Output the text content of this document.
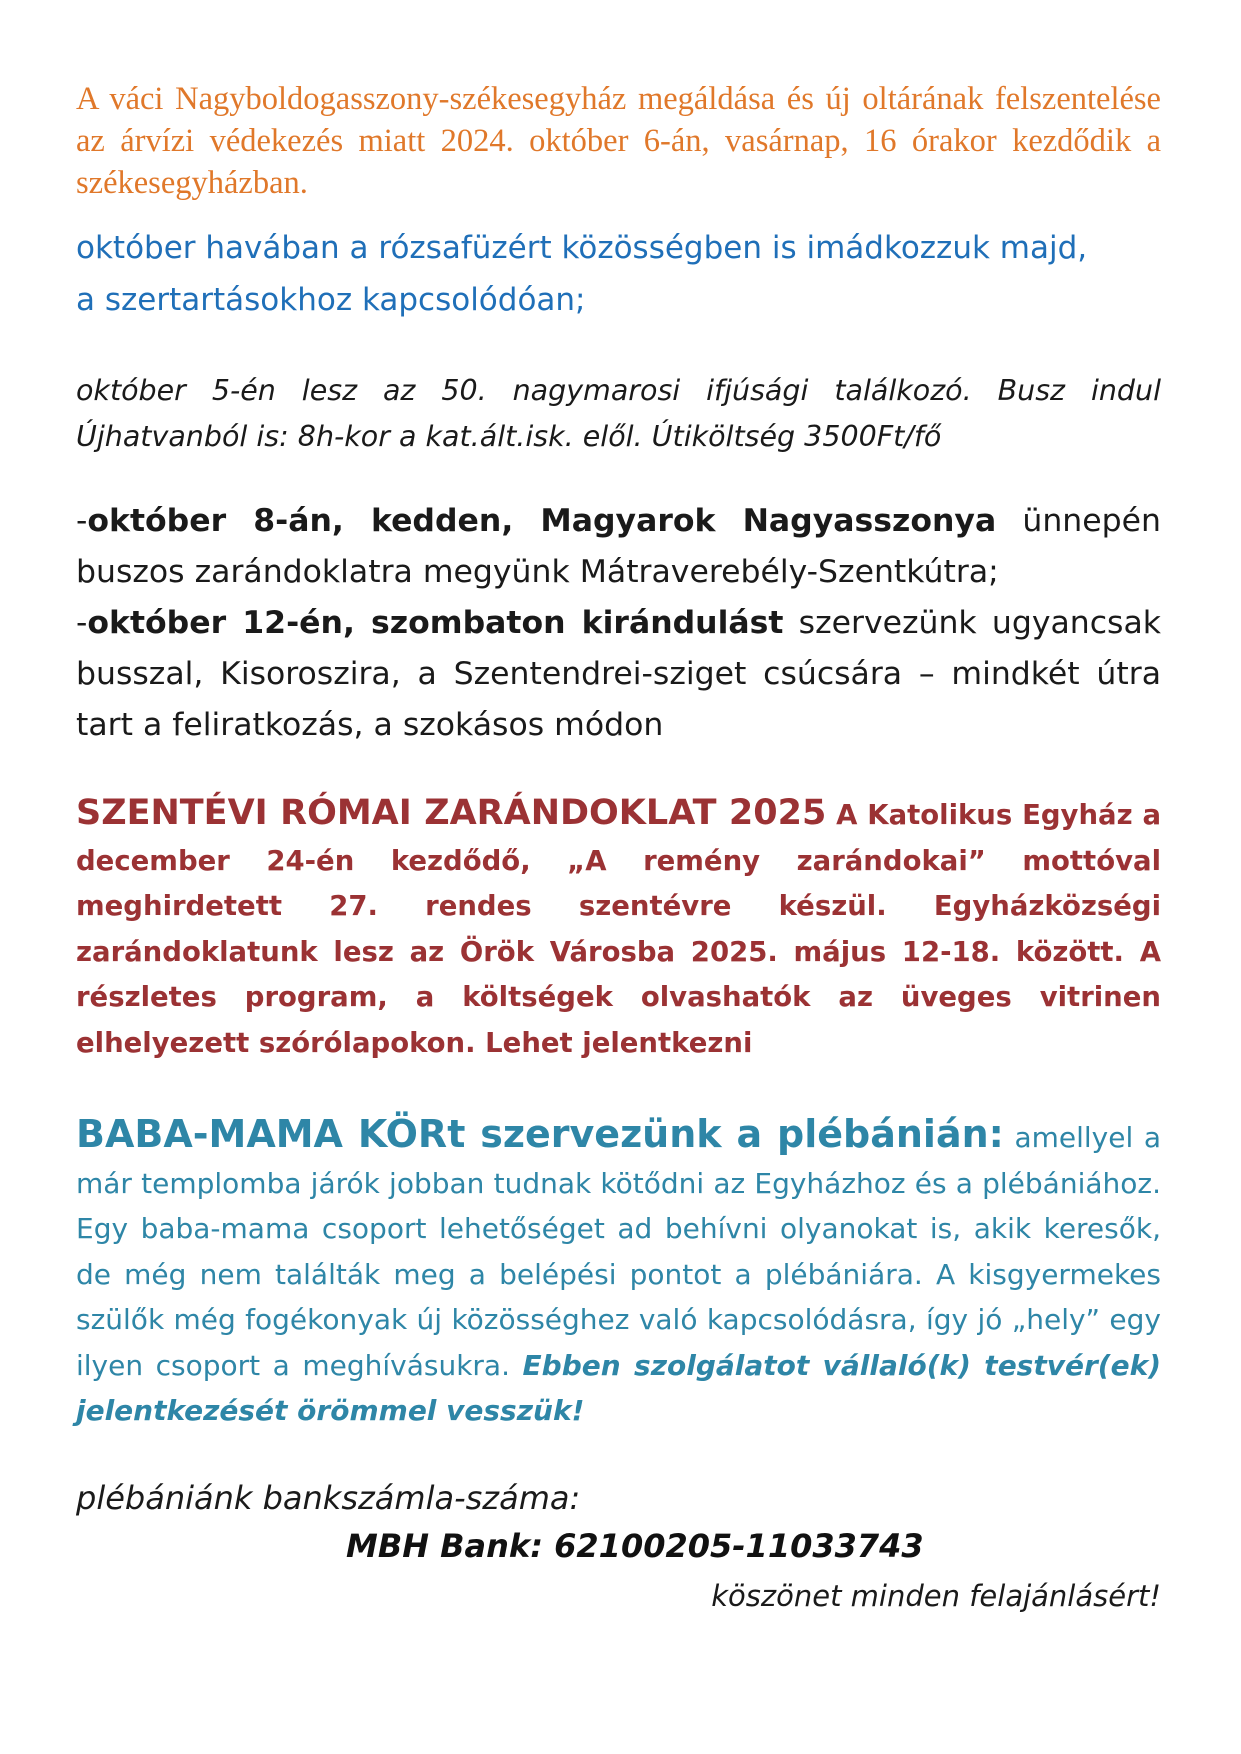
A váci Nagyboldogasszony-székesegyház megáldása és új oltárának felszentelése az árvízi védekezés miatt 2024. október 6-án, vasárnap, 16 órakor kezdődik a székesegyházban.

október havában a rózsafüzért közösségben is imádkozzuk majd,
a szertartásokhoz kapcsolódóan;
október 5-én lesz az 50. nagymarosi ifjúsági találkozó. Busz indul
Újhatvanból is: 8h-kor a kat.ált.isk. elől. Útiköltség 3500Ft/fő
-október 8-án, kedden, Magyarok Nagyasszonya ünnepén buszos zarándoklatra megyünk Mátraverebély-Szentkútra;
-október 12-én, szombaton kirándulást szervezünk ugyancsak busszal, Kisoroszira, a Szentendrei-sziget csúcsára – mindkét útra tart a feliratkozás, a szokásos módon

SZENTÉVI RÓMAI ZARÁNDOKLAT 2025 A Katolikus Egyház a december 24-én kezdődő, „A remény zarándokai” mottóval meghirdetett 27. rendes szentévre készül. Egyházközségi zarándoklatunk lesz az Örök Városba 2025. május 12-18. között. A részletes program, a költségek olvashatók az üveges vitrinen elhelyezett szórólapokon. Lehet jelentkezni

BABA-MAMA KÖRt szervezünk a plébánián: amellyel a már templomba járók jobban tudnak kötődni az Egyházhoz és a plébániához. Egy baba-mama csoport lehetőséget ad behívni olyanokat is, akik keresők, de még nem találták meg a belépési pontot a plébániára. A kisgyermekes szülők még fogékonyak új közösséghez való kapcsolódásra, így jó „hely” egy ilyen csoport a meghívásukra. Ebben szolgálatot vállaló(k) testvér(ek) jelentkezését örömmel vesszük!

plébániánk bankszámla-száma:
MBH Bank: 62100205-11033743
köszönet minden felajánlásért!
